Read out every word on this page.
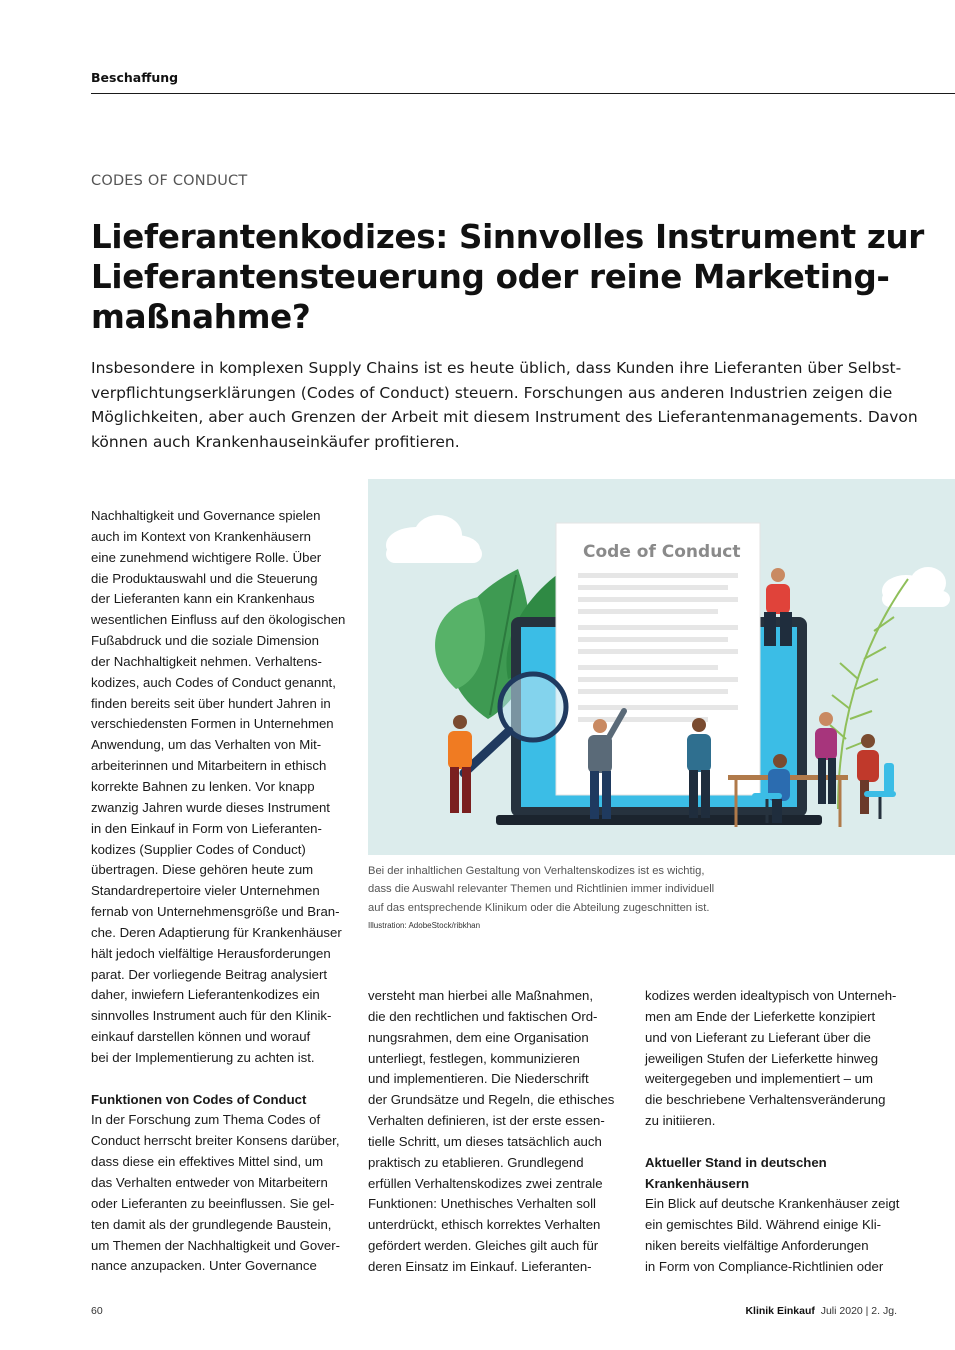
Beschaffung
CODES OF CONDUCT
Lieferantenkodizes: Sinnvolles Instrument zur
Lieferantensteuerung oder reine Marketing-
maßnahme?
Insbesondere in komplexen Supply Chains ist es heute üblich, dass Kunden ihre Lieferanten über Selbst-
verpflichtungserklärungen (Codes of Conduct) steuern. Forschungen aus anderen Industrien zeigen die
Möglichkeiten, aber auch Grenzen der Arbeit mit diesem Instrument des Lieferantenmanagements. Davon
können auch Krankenhauseinkäufer profitieren.
Nachhaltigkeit und Governance spielen
auch im Kontext von Krankenhäusern
eine zunehmend wichtigere Rolle. Über
die Produktauswahl und die Steuerung
der Lieferanten kann ein Krankenhaus
wesentlichen Einfluss auf den ökologischen
Fußabdruck und die soziale Dimension
der Nachhaltigkeit nehmen. Verhaltens-
kodizes, auch Codes of Conduct genannt,
finden bereits seit über hundert Jahren in
verschiedensten Formen in Unternehmen
Anwendung, um das Verhalten von Mit-
arbeiterinnen und Mitarbeitern in ethisch
korrekte Bahnen zu lenken. Vor knapp
zwanzig Jahren wurde dieses Instrument
in den Einkauf in Form von Lieferanten-
kodizes (Supplier Codes of Conduct)
übertragen. Diese gehören heute zum
Standardrepertoire vieler Unternehmen
fernab von Unternehmensgröße und Bran-
che. Deren Adaptierung für Krankenhäuser
hält jedoch vielfältige Herausforderungen
parat. Der vorliegende Beitrag analysiert
daher, inwiefern Lieferantenkodizes ein
sinnvolles Instrument auch für den Klinik-
einkauf darstellen können und worauf
bei der Implementierung zu achten ist.
Funktionen von Codes of Conduct
In der Forschung zum Thema Codes of
Conduct herrscht breiter Konsens darüber,
dass diese ein effektives Mittel sind, um
das Verhalten entweder von Mitarbeitern
oder Lieferanten zu beeinflussen. Sie gel-
ten damit als der grundlegende Baustein,
um Themen der Nachhaltigkeit und Gover-
nance anzupacken. Unter Governance
Code of Conduct
Bei der inhaltlichen Gestaltung von Verhaltenskodizes ist es wichtig,
dass die Auswahl relevanter Themen und Richtlinien immer individuell
auf das entsprechende Klinikum oder die Abteilung zugeschnitten ist.
Illustration: AdobeStock/ribkhan
versteht man hierbei alle Maßnahmen,
die den rechtlichen und faktischen Ord-
nungsrahmen, dem eine Organisation
unterliegt, festlegen, kommunizieren
und implementieren. Die Niederschrift
der Grundsätze und Regeln, die ethisches
Verhalten definieren, ist der erste essen-
tielle Schritt, um dieses tatsächlich auch
praktisch zu etablieren. Grundlegend
erfüllen Verhaltenskodizes zwei zentrale
Funktionen: Unethisches Verhalten soll
unterdrückt, ethisch korrektes Verhalten
gefördert werden. Gleiches gilt auch für
deren Einsatz im Einkauf. Lieferanten-
kodizes werden idealtypisch von Unterneh-
men am Ende der Lieferkette konzipiert
und von Lieferant zu Lieferant über die
jeweiligen Stufen der Lieferkette hinweg
weitergegeben und implementiert – um
die beschriebene Verhaltensveränderung
zu initiieren.
Aktueller Stand in deutschen
Krankenhäusern
Ein Blick auf deutsche Krankenhäuser zeigt
ein gemischtes Bild. Während einige Kli-
niken bereits vielfältige Anforderungen
in Form von Compliance-Richtlinien oder
60	Klinik Einkauf Juli 2020 | 2. Jg.
